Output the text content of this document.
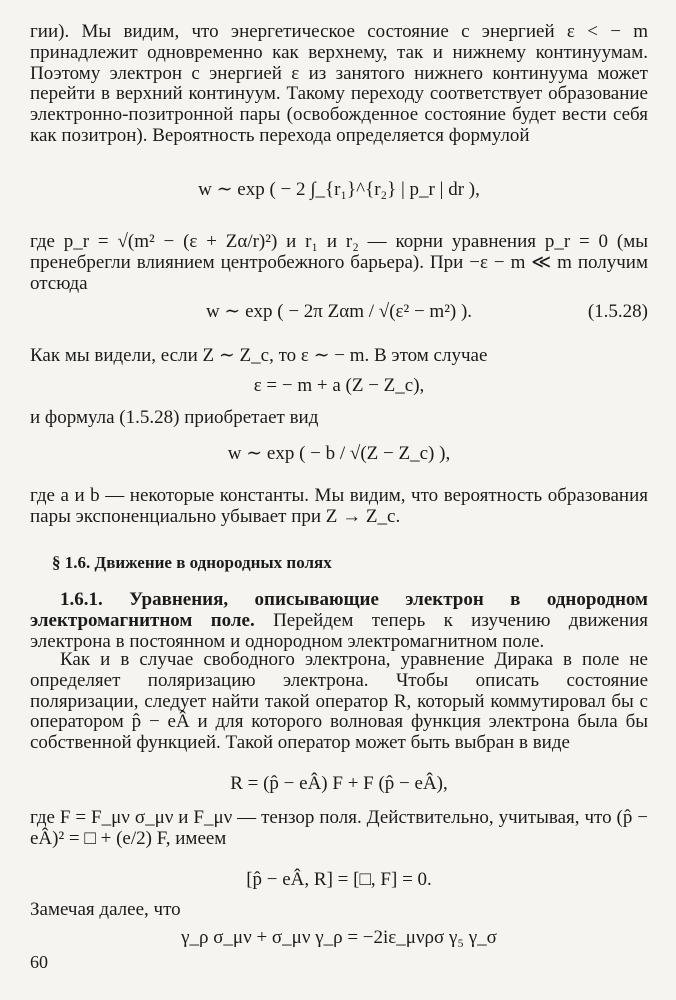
гии). Мы видим, что энергетическое состояние с энергией ε < − m принадлежит одновременно как верхнему, так и нижнему континуумам. Поэтому электрон с энергией ε из занятого нижнего континуума может перейти в верхний континуум. Такому переходу соответствует образование электронно-позитронной пары (освобожденное состояние будет вести себя как позитрон). Вероятность перехода определяется формулой

w ∼ exp ( − 2 ∫_{r₁}^{r₂} | p_r | dr ),

где p_r = √(m² − (ε + Zα/r)²) и r₁ и r₂ — корни уравнения p_r = 0 (мы пренебрегли влиянием центробежного барьера). При −ε − m ≪ m получим отсюда

w ∼ exp ( − 2π Zαm / √(ε² − m²) ).	(1.5.28)

Как мы видели, если Z ∼ Z_c, то ε ∼ − m. В этом случае

ε = − m + a (Z − Z_c),

и формула (1.5.28) приобретает вид

w ∼ exp ( − b / √(Z − Z_c) ),

где a и b — некоторые константы. Мы видим, что вероятность образования пары экспоненциально убывает при Z → Z_c.

§ 1.6. Движение в однородных полях

1.6.1. Уравнения, описывающие электрон в однородном электромагнитном поле. Перейдем теперь к изучению движения электрона в постоянном и однородном электромагнитном поле.

Как и в случае свободного электрона, уравнение Дирака в поле не определяет поляризацию электрона. Чтобы описать состояние поляризации, следует найти такой оператор R, который коммутировал бы с оператором p̂ − eÂ и для которого волновая функция электрона была бы собственной функцией. Такой оператор может быть выбран в виде

R = (p̂ − eÂ) F + F (p̂ − eÂ),

где F = F_μν σ_μν и F_μν — тензор поля. Действительно, учитывая, что (p̂ − eÂ)² = □ + (e/2) F, имеем

[p̂ − eÂ, R] = [□, F] = 0.

Замечая далее, что

γ_ρ σ_μν + σ_μν γ_ρ = −2iε_μνρσ γ₅ γ_σ
60
